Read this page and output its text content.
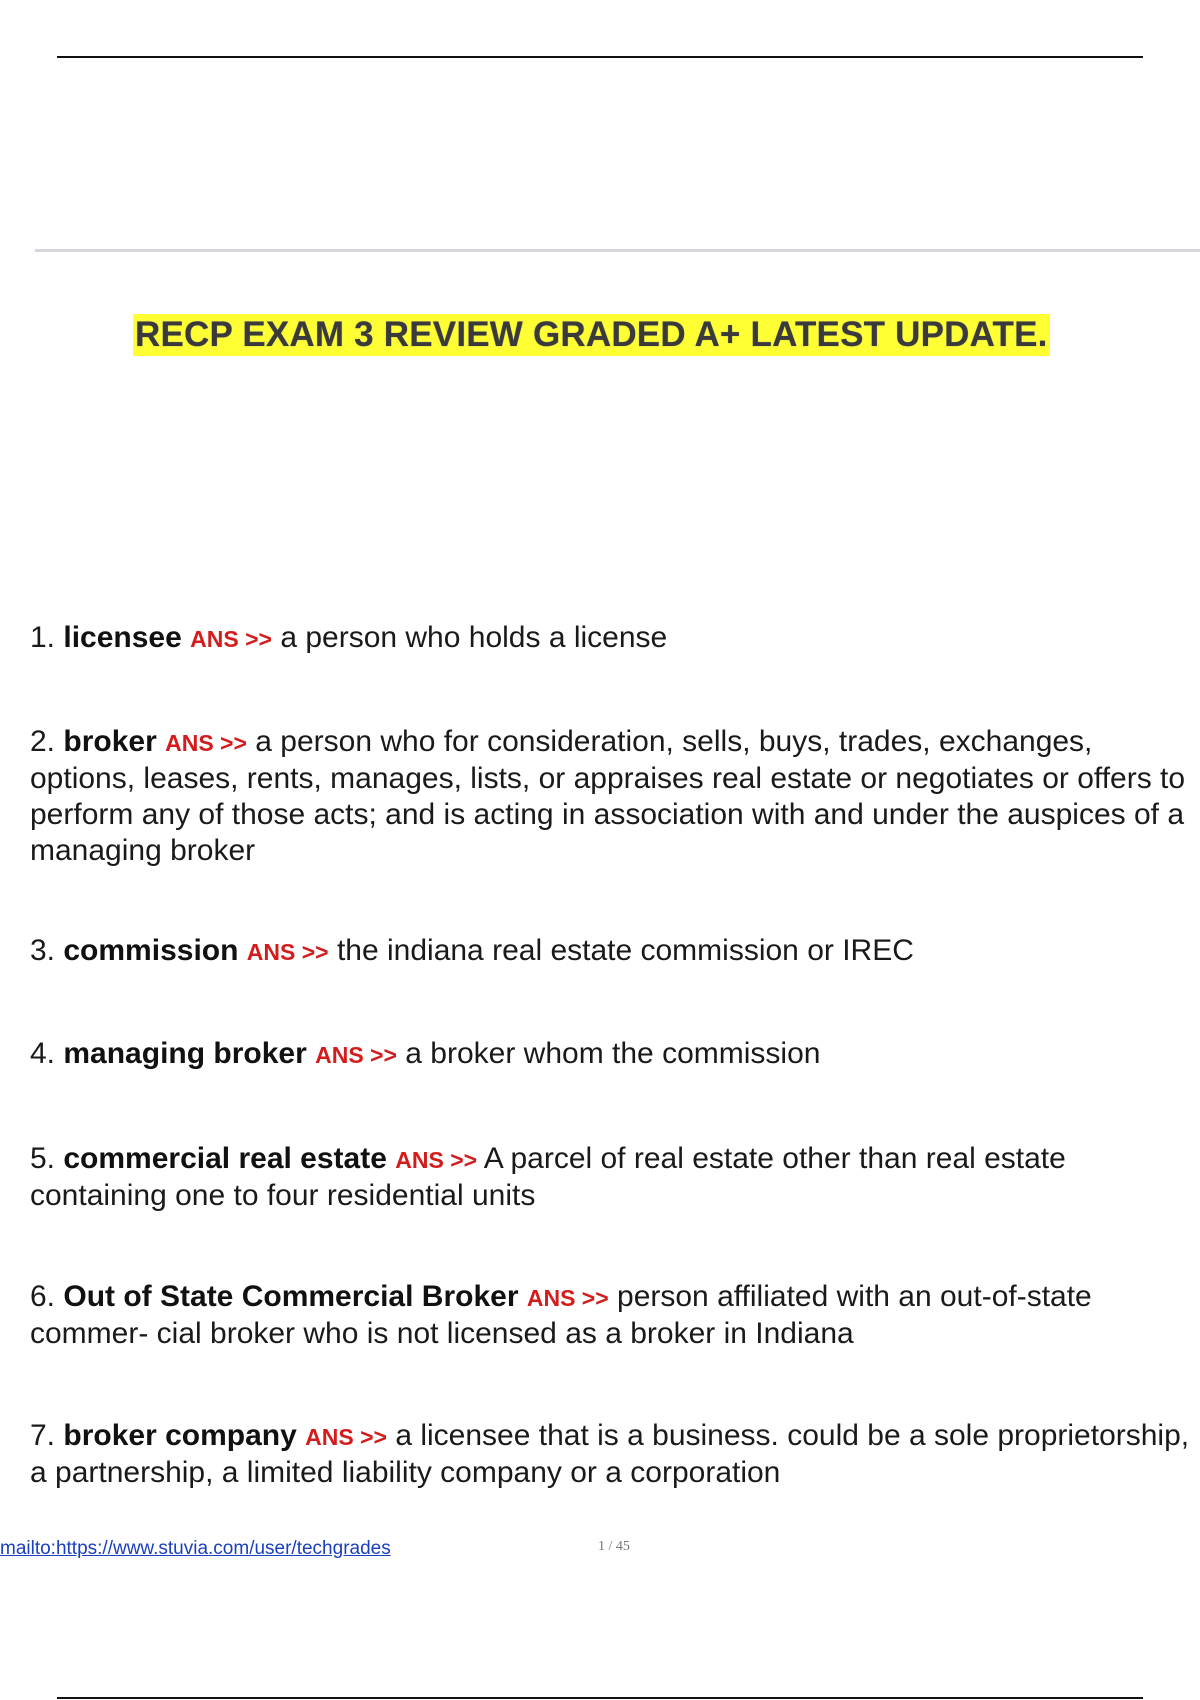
RECP EXAM 3 REVIEW GRADED A+ LATEST UPDATE.
1. licensee ANS >> a person who holds a license
2. broker ANS >> a person who for consideration, sells, buys, trades, exchanges, options, leases, rents, manages, lists, or appraises real estate or negotiates or offers to perform any of those acts; and is acting in association with and under the auspices of a managing broker
3. commission ANS >> the indiana real estate commission or IREC
4. managing broker ANS >> a broker whom the commission
5. commercial real estate ANS >> A parcel of real estate other than real estate containing one to four residential units
6. Out of State Commercial Broker ANS >> person affiliated with an out-of-state commer- cial broker who is not licensed as a broker in Indiana
7. broker company ANS >> a licensee that is a business. could be a sole proprietorship, a partnership, a limited liability company or a corporation
mailto:https://www.stuvia.com/user/techgrades	1 / 45
